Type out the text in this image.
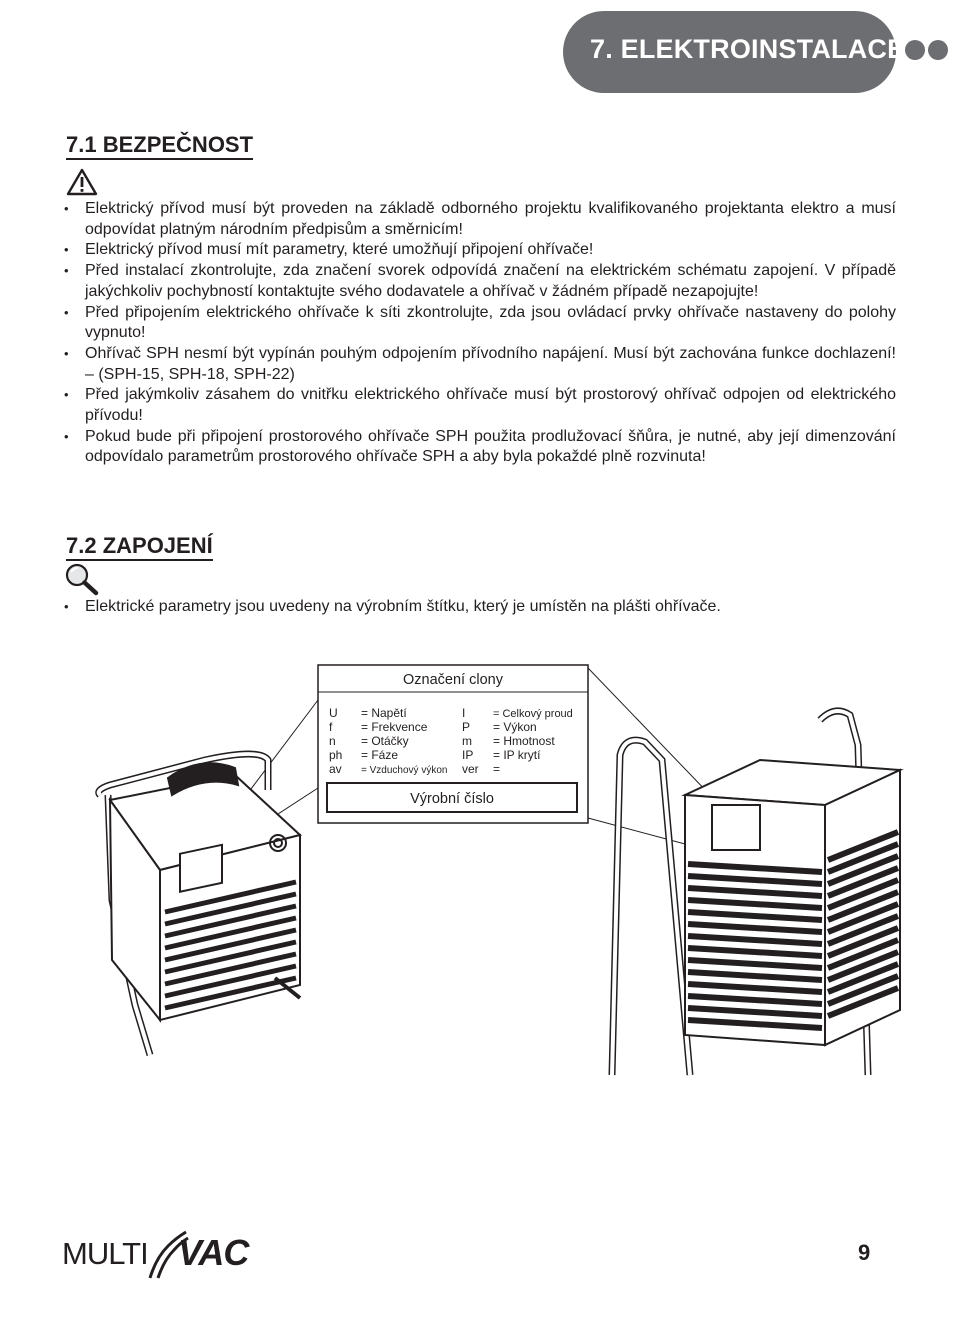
7. ELEKTROINSTALACE
7.1 BEZPEČNOST
• Elektrický přívod musí být proveden na základě odborného projektu kvalifikovaného projektanta elektro a musí odpovídat platným národním předpisům a směrnicím!
• Elektrický přívod musí mít parametry, které umožňují připojení ohřívače!
• Před instalací zkontrolujte, zda značení svorek odpovídá značení na elektrickém schématu zapojení. V případě jakýchkoliv pochybností kontaktujte svého dodavatele a ohřívač v žádném případě nezapojujte!
• Před připojením elektrického ohřívače k síti zkontrolujte, zda jsou ovládací prvky ohřívače nastaveny do polohy vypnuto!
• Ohřívač SPH nesmí být vypínán pouhým odpojením přívodního napájení. Musí být zachována funkce dochlazení! – (SPH-15, SPH-18, SPH-22)
• Před jakýmkoliv zásahem do vnitřku elektrického ohřívače musí být prostorový ohřívač odpojen od elektrického přívodu!
• Pokud bude při připojení prostorového ohřívače SPH použita prodlužovací šňůra, je nutné, aby její dimenzování odpovídalo parametrům prostorového ohřívače SPH a aby byla pokaždé plně rozvinuta!
7.2 ZAPOJENÍ
• Elektrické parametry jsou uvedeny na výrobním štítku, který je umístěn na plášti ohřívače.
Označení clony
U = Napětí	I	= Celkový proud
f = Frekvence	P = Výkon
n = Otáčky	m = Hmotnost
ph = Fáze	IP = IP krytí
av = Vzduchový výkon ver =
Výrobní číslo
MULTI VAC	9
